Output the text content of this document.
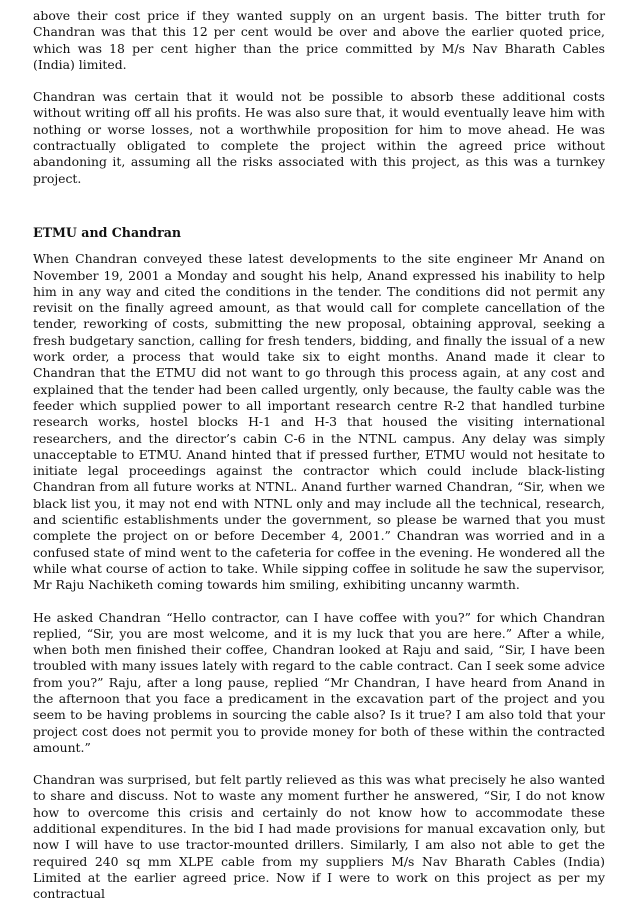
above their cost price if they wanted supply on an urgent basis. The bitter truth for Chandran was that this 12 per cent would be over and above the earlier quoted price, which was 18 per cent higher than the price committed by M/s Nav Bharath Cables (India) limited.

Chandran was certain that it would not be possible to absorb these additional costs without writing off all his profits. He was also sure that, it would eventually leave him with nothing or worse losses, not a worthwhile proposition for him to move ahead. He was contractually obligated to complete the project within the agreed price without abandoning it, assuming all the risks associated with this project, as this was a turnkey project.

ETMU and Chandran

When Chandran conveyed these latest developments to the site engineer Mr Anand on November 19, 2001 a Monday and sought his help, Anand expressed his inability to help him in any way and cited the conditions in the tender. The conditions did not permit any revisit on the finally agreed amount, as that would call for complete cancellation of the tender, reworking of costs, submitting the new proposal, obtaining approval, seeking a fresh budgetary sanction, calling for fresh tenders, bidding, and finally the issual of a new work order, a process that would take six to eight months. Anand made it clear to Chandran that the ETMU did not want to go through this process again, at any cost and explained that the tender had been called urgently, only because, the faulty cable was the feeder which supplied power to all important research centre R-2 that handled turbine research works, hostel blocks H-1 and H-3 that housed the visiting international researchers, and the director’s cabin C-6 in the NTNL campus. Any delay was simply unacceptable to ETMU. Anand hinted that if pressed further, ETMU would not hesitate to initiate legal proceedings against the contractor which could include black-listing Chandran from all future works at NTNL. Anand further warned Chandran, “Sir, when we black list you, it may not end with NTNL only and may include all the technical, research, and scientific establishments under the government, so please be warned that you must complete the project on or before December 4, 2001.” Chandran was worried and in a confused state of mind went to the cafeteria for coffee in the evening. He wondered all the while what course of action to take. While sipping coffee in solitude he saw the supervisor, Mr Raju Nachiketh coming towards him smiling, exhibiting uncanny warmth.

He asked Chandran “Hello contractor, can I have coffee with you?” for which Chandran replied, “Sir, you are most welcome, and it is my luck that you are here.” After a while, when both men finished their coffee, Chandran looked at Raju and said, “Sir, I have been troubled with many issues lately with regard to the cable contract. Can I seek some advice from you?” Raju, after a long pause, replied “Mr Chandran, I have heard from Anand in the afternoon that you face a predicament in the excavation part of the project and you seem to be having problems in sourcing the cable also? Is it true? I am also told that your project cost does not permit you to provide money for both of these within the contracted amount.”

Chandran was surprised, but felt partly relieved as this was what precisely he also wanted to share and discuss. Not to waste any moment further he answered, “Sir, I do not know how to overcome this crisis and certainly do not know how to accommodate these additional expenditures. In the bid I had made provisions for manual excavation only, but now I will have to use tractor-mounted drillers. Similarly, I am also not able to get the required 240 sq mm XLPE cable from my suppliers M/s Nav Bharath Cables (India) Limited at the earlier agreed price. Now if I were to work on this project as per my contractual
